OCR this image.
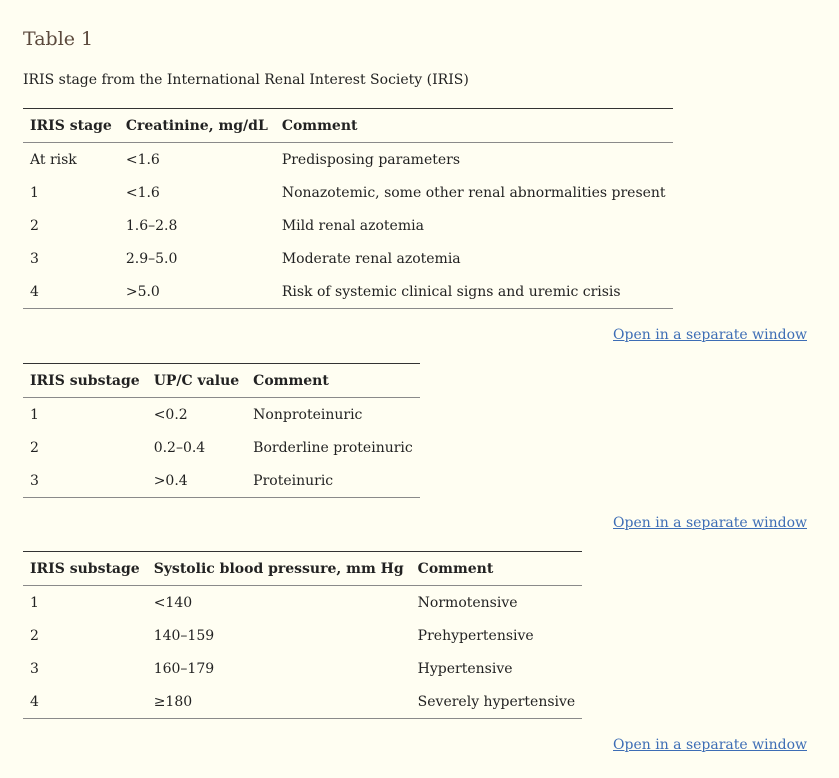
Table 1

IRIS stage from the International Renal Interest Society (IRIS)

IRIS stage	Creatinine, mg/dL	Comment
At risk	<1.6	Predisposing parameters
1	<1.6	Nonazotemic, some other renal abnormalities present
2	1.6–2.8	Mild renal azotemia
3	2.9–5.0	Moderate renal azotemia
4	>5.0	Risk of systemic clinical signs and uremic crisis
Open in a separate window
IRIS substage	UP/C value	Comment
1	<0.2	Nonproteinuric
2	0.2–0.4	Borderline proteinuric
3	>0.4	Proteinuric
Open in a separate window
IRIS substage	Systolic blood pressure, mm Hg	Comment
1	<140	Normotensive
2	140–159	Prehypertensive
3	160–179	Hypertensive
4	≥180	Severely hypertensive
Open in a separate window
